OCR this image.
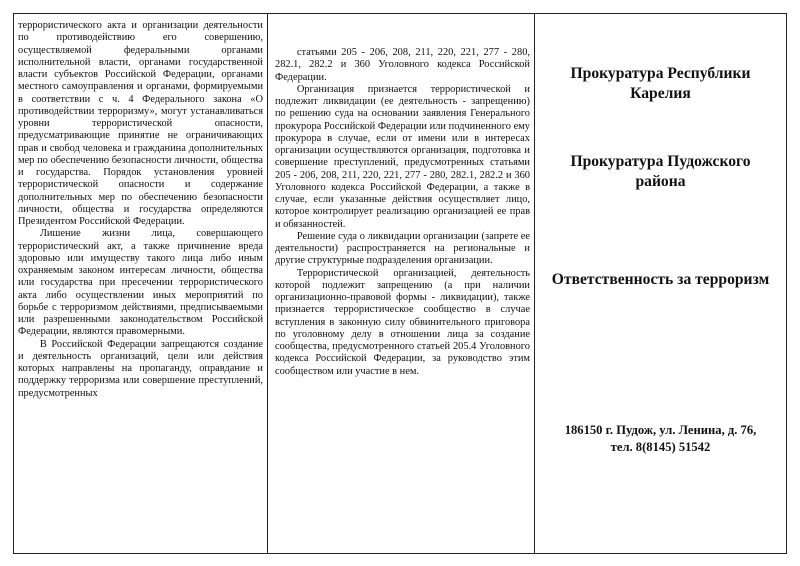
террористического акта и организации деятельности по противодействию его совершению, осуществляемой федеральными органами исполнительной власти, органами государственной власти субъектов Российской Федерации, органами местного самоуправления и органами, формируемыми в соответствии с ч. 4 Федерального закона «О противодействии терроризму», могут устанавливаться уровни террористической опасности, предусматривающие принятие не ограничивающих прав и свобод человека и гражданина дополнительных мер по обеспечению безопасности личности, общества и государства. Порядок установления уровней террористической опасности и содержание дополнительных мер по обеспечению безопасности личности, общества и государства определяются Президентом Российской Федерации.

Лишение жизни лица, совершающего террористический акт, а также причинение вреда здоровью или имуществу такого лица либо иным охраняемым законом интересам личности, общества или государства при пресечении террористического акта либо осуществлении иных мероприятий по борьбе с терроризмом действиями, предписываемыми или разрешенными законодательством Российской Федерации, являются правомерными.

В Российской Федерации запрещаются создание и деятельность организаций, цели или действия которых направлены на пропаганду, оправдание и поддержку терроризма или совершение преступлений, предусмотренных

статьями 205 - 206, 208, 211, 220, 221, 277 - 280, 282.1, 282.2 и 360 Уголовного кодекса Российской Федерации.

Организация признается террористической и подлежит ликвидации (ее деятельность - запрещению) по решению суда на основании заявления Генерального прокурора Российской Федерации или подчиненного ему прокурора в случае, если от имени или в интересах организации осуществляются организация, подготовка и совершение преступлений, предусмотренных статьями 205 - 206, 208, 211, 220, 221, 277 - 280, 282.1, 282.2 и 360 Уголовного кодекса Российской Федерации, а также в случае, если указанные действия осуществляет лицо, которое контролирует реализацию организацией ее прав и обязанностей.

Решение суда о ликвидации организации (запрете ее деятельности) распространяется на региональные и другие структурные подразделения организации.

Террористической организацией, деятельность которой подлежит запрещению (а при наличии организационно-правовой формы - ликвидации), также признается террористическое сообщество в случае вступления в законную силу обвинительного приговора по уголовному делу в отношении лица за создание сообщества, предусмотренного статьей 205.4 Уголовного кодекса Российской Федерации, за руководство этим сообществом или участие в нем.

Прокуратура Республики Карелия

Прокуратура Пудожского района

Ответственность за терроризм

186150 г. Пудож, ул. Ленина, д. 76,
тел. 8(8145) 51542
